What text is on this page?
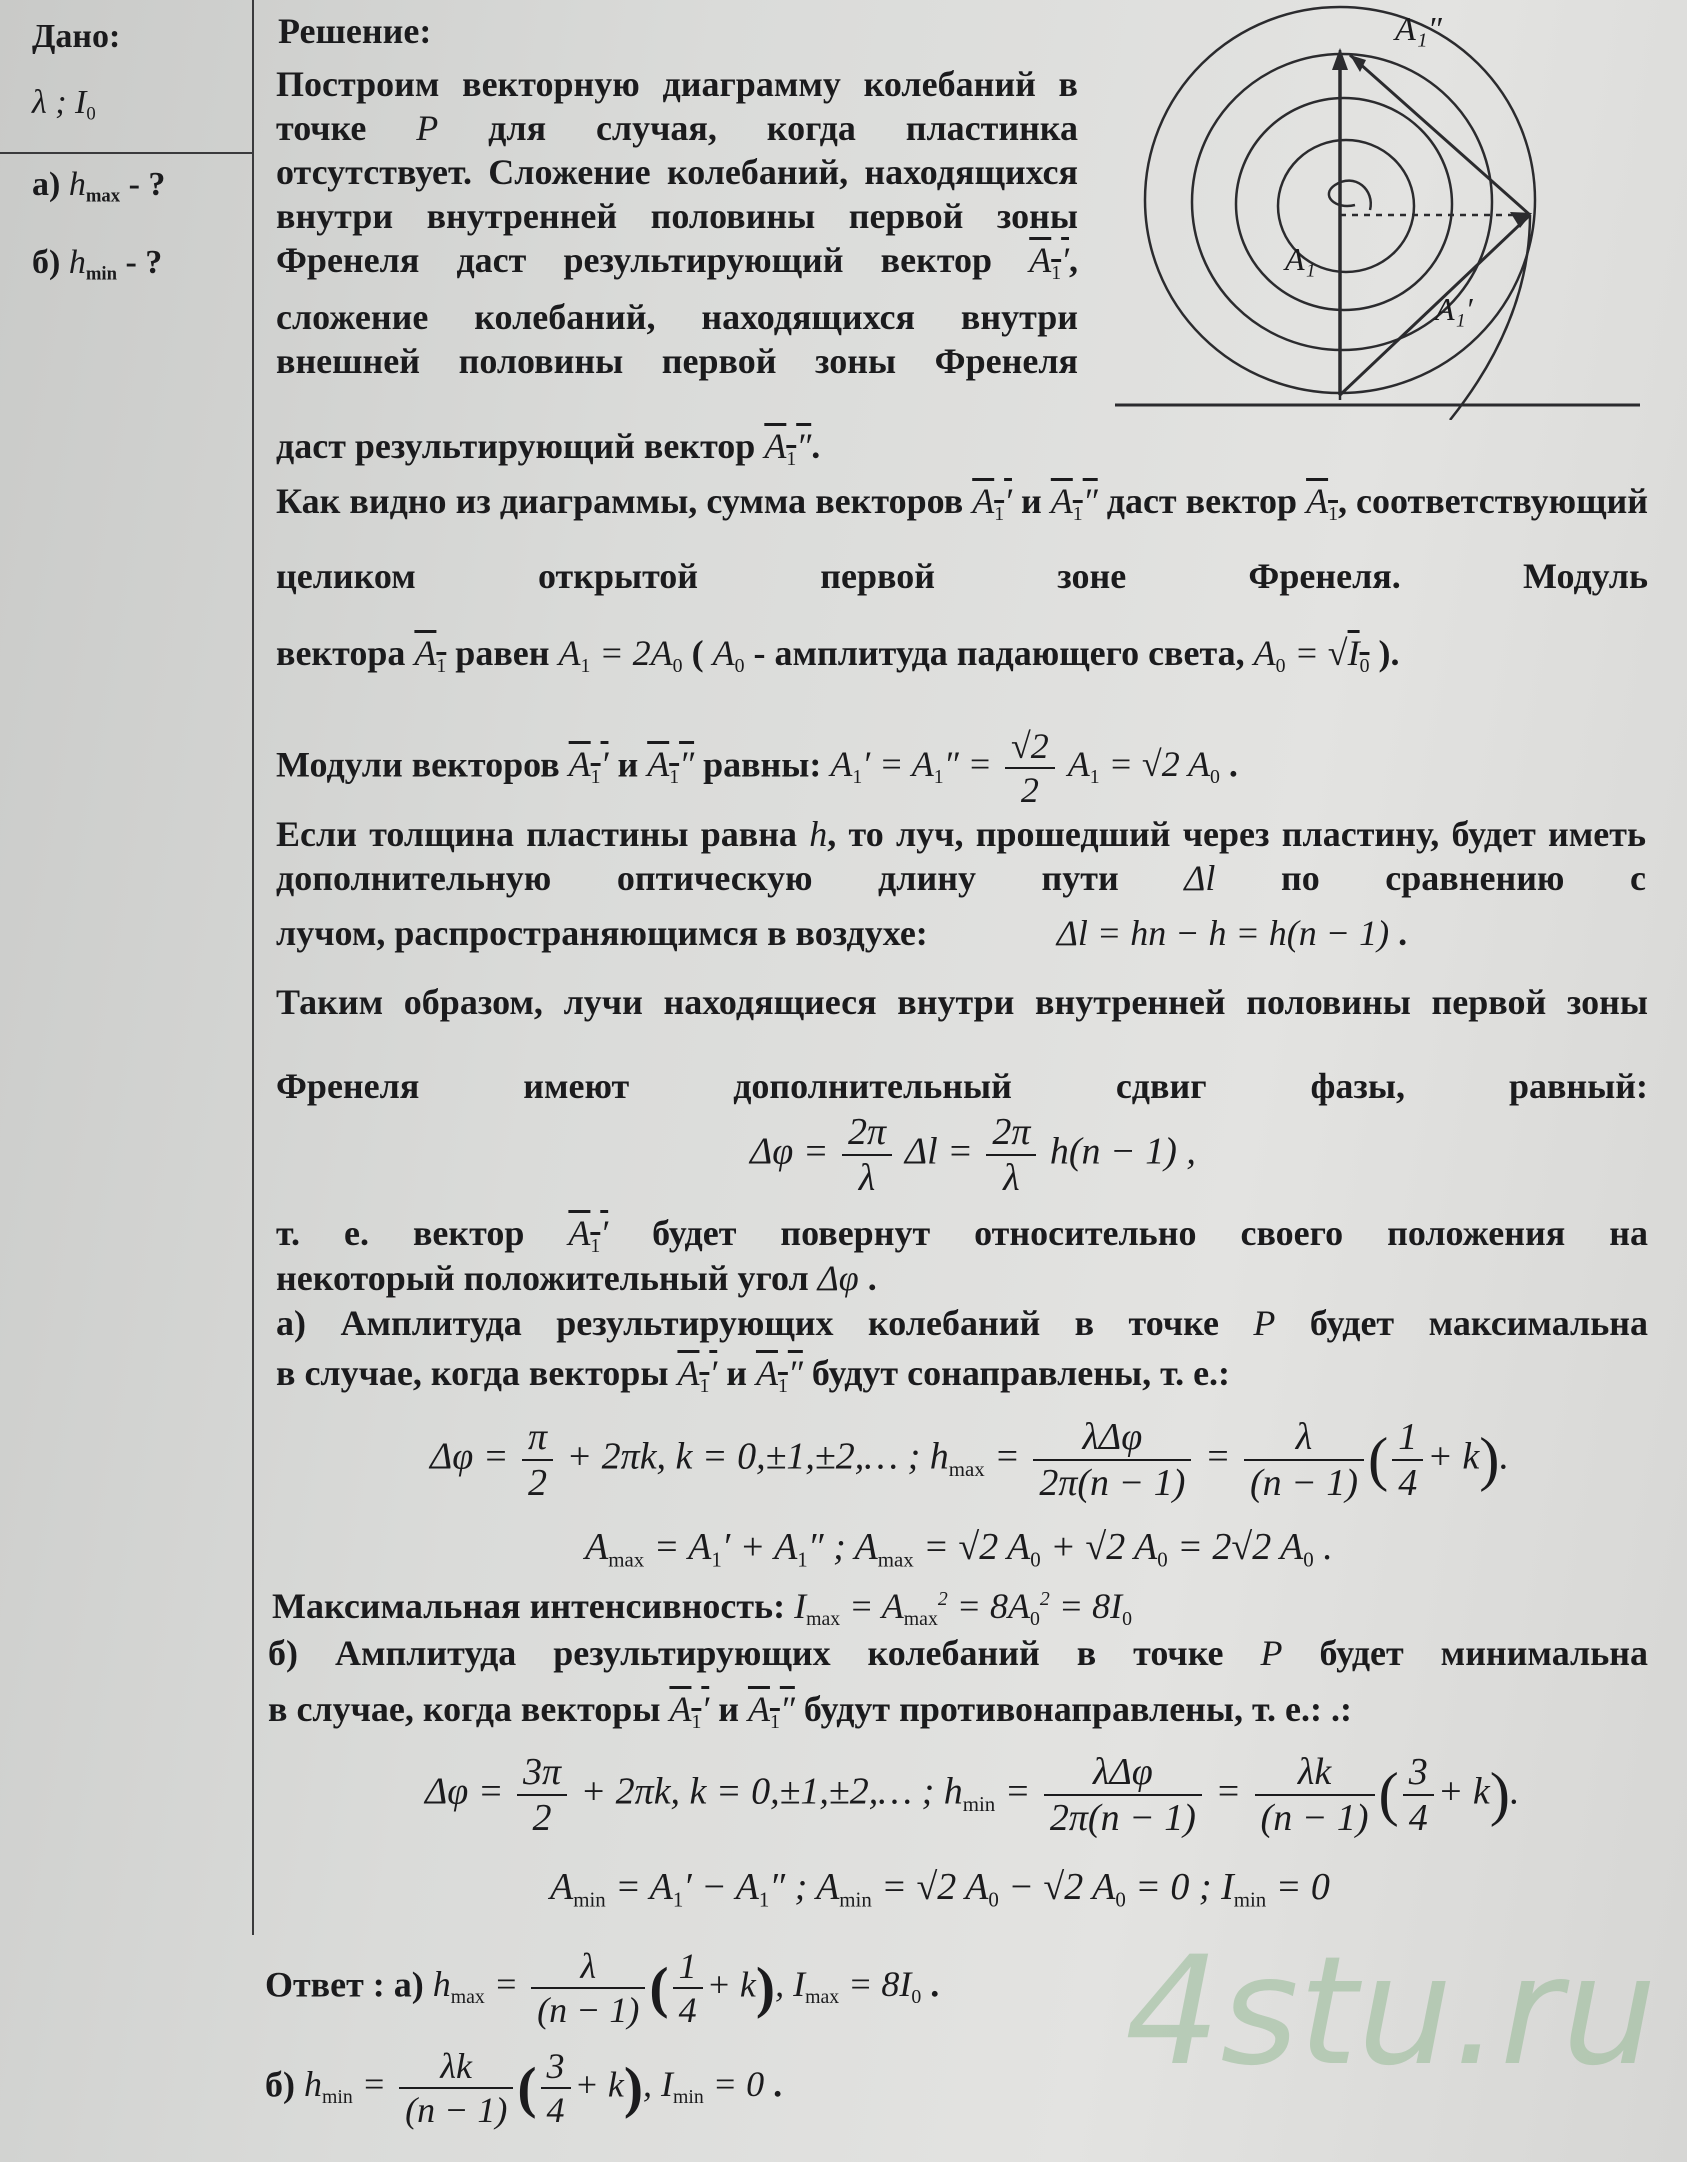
Дано:
λ ; $I_0$
а) $h_{max}$ - ?
б) $h_{min}$ - ?
Решение:
Построим векторную диаграмму колебаний в точке P для случая, когда пластинка отсутствует. Сложение колебаний, находящихся внутри внутренней половины первой зоны Френеля даст результирующий вектор $A_1'$, сложение колебаний, находящихся внутри внешней половины первой зоны Френеля
даст результирующий вектор $A_1''$.
A₁″
A₁
A₁′
Как видно из диаграммы, сумма векторов $A_1'$ и $A_1''$ даст вектор $A_1$, соответствующий целиком открытой первой зоне Френеля. Модуль
вектора $A_1$ равен $A_1 = 2A_0$ ( $A_0$ - амплитуда падающего света, $A_0 = √I_0$ ).
Модули векторов $A_1'$ и $A_1''$ равны: $A_1' = A_1'' = \frac{√2}{2} A_1 = √2$ $A_0$ .
Если толщина пластины равна h, то луч, прошедший через пластину, будет иметь дополнительную оптическую длину пути Δl по сравнению с
лучом, распространяющимся в воздухе:	Δl = hn − h = h(n − 1) .
Таким образом, лучи находящиеся внутри внутренней половины первой зоны Френеля имеют дополнительный сдвиг фазы, равный:
$\Delta\varphi = \frac{2\pi}{\lambda}$ $\Delta l = \frac{2\pi}{\lambda} h(n - 1)$ ,
т. е. вектор $A_1'$ будет повернут относительно своего положения на
некоторый положительный угол Δφ .
а) Амплитуда результирующих колебаний в точке P будет максимальна
в случае, когда векторы $A_1'$ и $A_1''$ будут сонаправлены, т. е.:
$\Delta\varphi = \frac{\pi}{2} + 2\pi k$, k = 0,±1,±2,… ; $h_{max} = \frac{\text{λΔφ}}{2\pi(n - 1)} = \frac{\lambda}{(n - 1)}$ ( $\frac{1}{4} + k$).
$A_{max} = A_1' + A_1''$ ; $A_{max} = √2$ $A_0 + √2$ $A_0 = 2√2$ $A_0$ .
Максимальная интенсивность: $I_{max} = A_{max}^2 = 8A_0^2 = 8I_0$
б) Амплитуда результирующих колебаний в точке P будет минимальна
в случае, когда векторы $A_1'$ и $A_1''$ будут противонаправлены, т. е.: .:
$\Delta\varphi = \frac{3\pi}{2} + 2\pi k$, k = 0,±1,±2,… ; $h_{min} = \frac{\text{λΔφ}}{2\pi(n - 1)} = \frac{\lambda k}{(n - 1)}$ ( $\frac{3}{4} + k$).
$A_{min} = A_1' - A_1''$ ; $A_{min} = √2$ $A_0 - √2$ $A_0 = 0$ ; $I_{min} = 0$
Ответ : а) $h_{max} = \frac{\lambda}{(n - 1)}$ ( $\frac{1}{4} + k$), $I_{max} = 8I_0$ .
б) $h_{min} = \frac{\lambda k}{(n - 1)}$ ( $\frac{3}{4} + k$), $I_{min} = 0$ . 4stu.ru
